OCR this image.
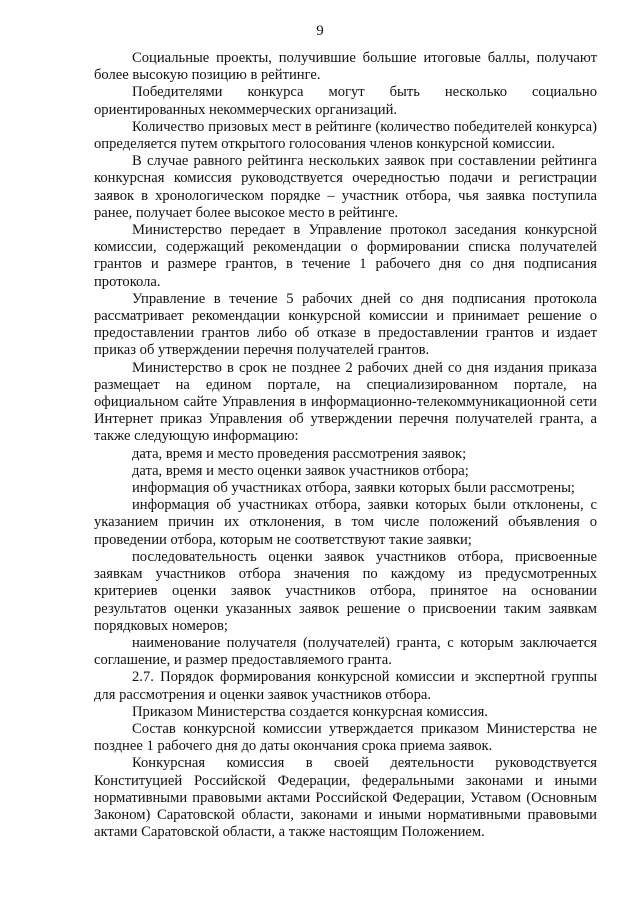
9

Социальные проекты, получившие большие итоговые баллы, получают более высокую позицию в рейтинге.

Победителями конкурса могут быть несколько социально ориентированных некоммерческих организаций.

Количество призовых мест в рейтинге (количество победителей конкурса) определяется путем открытого голосования членов конкурсной комиссии.

В случае равного рейтинга нескольких заявок при составлении рейтинга конкурсная комиссия руководствуется очередностью подачи и регистрации заявок в хронологическом порядке – участник отбора, чья заявка поступила ранее, получает более высокое место в рейтинге.

Министерство передает в Управление протокол заседания конкурсной комиссии, содержащий рекомендации о формировании списка получателей грантов и размере грантов, в течение 1 рабочего дня со дня подписания протокола.

Управление в течение 5 рабочих дней со дня подписания протокола рассматривает рекомендации конкурсной комиссии и принимает решение о предоставлении грантов либо об отказе в предоставлении грантов и издает приказ об утверждении перечня получателей грантов.

Министерство в срок не позднее 2 рабочих дней со дня издания приказа размещает на едином портале, на специализированном портале, на официальном сайте Управления в информационно-телекоммуникационной сети Интернет приказ Управления об утверждении перечня получателей гранта, а также следующую информацию:

дата, время и место проведения рассмотрения заявок;

дата, время и место оценки заявок участников отбора;

информация об участниках отбора, заявки которых были рассмотрены;

информация об участниках отбора, заявки которых были отклонены, с указанием причин их отклонения, в том числе положений объявления о проведении отбора, которым не соответствуют такие заявки;

последовательность оценки заявок участников отбора, присвоенные заявкам участников отбора значения по каждому из предусмотренных критериев оценки заявок участников отбора, принятое на основании результатов оценки указанных заявок решение о присвоении таким заявкам порядковых номеров;

наименование получателя (получателей) гранта, с которым заключается соглашение, и размер предоставляемого гранта.

2.7. Порядок формирования конкурсной комиссии и экспертной группы для рассмотрения и оценки заявок участников отбора.

Приказом Министерства создается конкурсная комиссия.

Состав конкурсной комиссии утверждается приказом Министерства не позднее 1 рабочего дня до даты окончания срока приема заявок.

Конкурсная комиссия в своей деятельности руководствуется Конституцией Российской Федерации, федеральными законами и иными нормативными правовыми актами Российской Федерации, Уставом (Основным Законом) Саратовской области, законами и иными нормативными правовыми актами Саратовской области, а также настоящим Положением.
